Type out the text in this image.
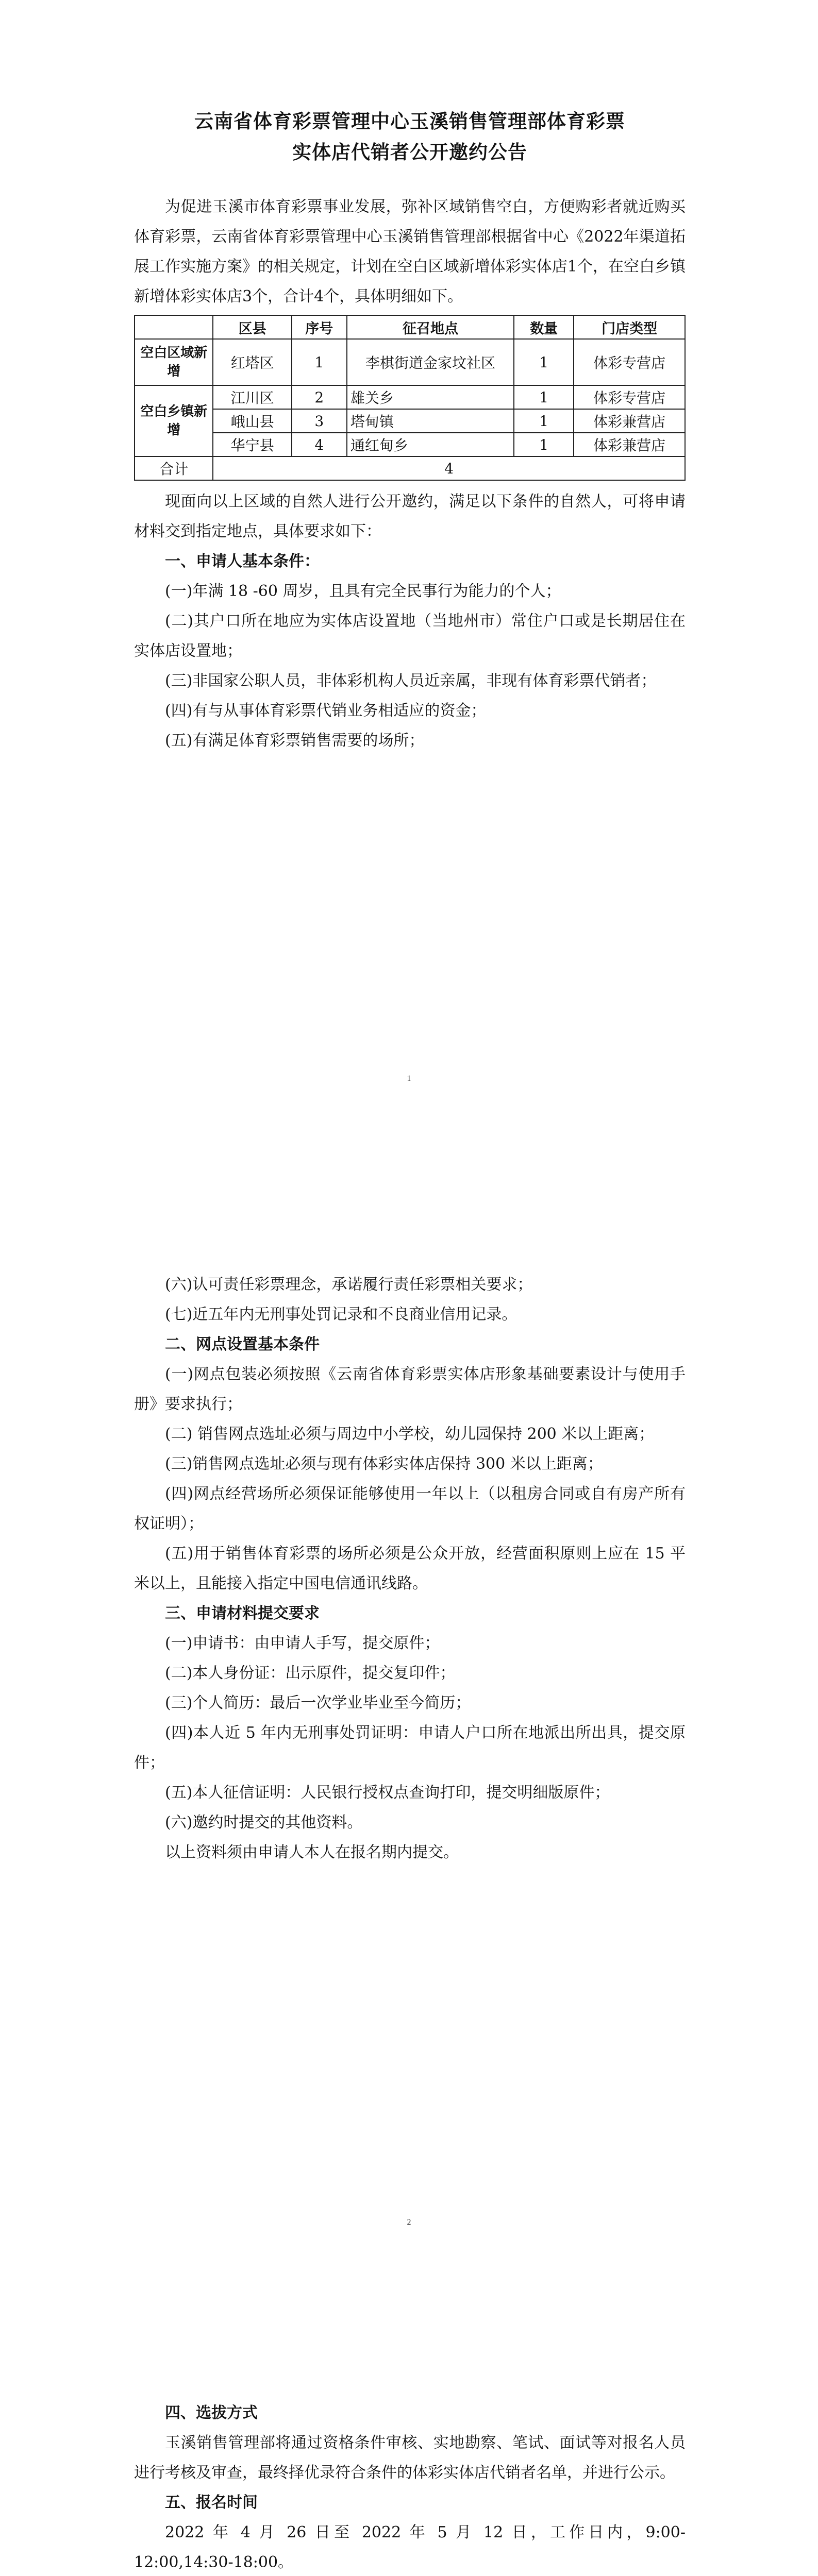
云南省体育彩票管理中心玉溪销售管理部体育彩票
实体店代销者公开邀约公告

为促进玉溪市体育彩票事业发展，弥补区域销售空白，方便购彩者就近购买体育彩票，云南省体育彩票管理中心玉溪销售管理部根据省中心《2022年渠道拓展工作实施方案》的相关规定，计划在空白区域新增体彩实体店1个，在空白乡镇新增体彩实体店3个，合计4个，具体明细如下。

	区县	序号	征召地点	数量	门店类型
空白区域新增	红塔区	1	李棋街道金家坟社区	1	体彩专营店
空白乡镇新增	江川区	2	雄关乡	1	体彩专营店
	峨山县	3	塔甸镇	1	体彩兼营店
	华宁县	4	通红甸乡	1	体彩兼营店
合计	4				

现面向以上区域的自然人进行公开邀约，满足以下条件的自然人，可将申请材料交到指定地点，具体要求如下：

一、申请人基本条件：

(一)年满 18 -60 周岁，且具有完全民事行为能力的个人；

(二)其户口所在地应为实体店设置地（当地州市）常住户口或是长期居住在实体店设置地；

(三)非国家公职人员，非体彩机构人员近亲属，非现有体育彩票代销者；

(四)有与从事体育彩票代销业务相适应的资金；

(五)有满足体育彩票销售需要的场所；

1

(六)认可责任彩票理念，承诺履行责任彩票相关要求；

(七)近五年内无刑事处罚记录和不良商业信用记录。

二、网点设置基本条件

(一)网点包装必须按照《云南省体育彩票实体店形象基础要素设计与使用手册》要求执行；

(二) 销售网点选址必须与周边中小学校，幼儿园保持 200 米以上距离；

(三)销售网点选址必须与现有体彩实体店保持 300 米以上距离；

(四)网点经营场所必须保证能够使用一年以上（以租房合同或自有房产所有权证明）；

(五)用于销售体育彩票的场所必须是公众开放，经营面积原则上应在 15 平米以上，且能接入指定中国电信通讯线路。

三、申请材料提交要求

(一)申请书：由申请人手写，提交原件；

(二)本人身份证：出示原件，提交复印件；

(三)个人简历：最后一次学业毕业至今简历；

(四)本人近 5 年内无刑事处罚证明：申请人户口所在地派出所出具，提交原件；

(五)本人征信证明：人民银行授权点查询打印，提交明细版原件；

(六)邀约时提交的其他资料。

以上资料须由申请人本人在报名期内提交。

2

四、选拔方式

玉溪销售管理部将通过资格条件审核、实地勘察、笔试、面试等对报名人员进行考核及审查，最终择优录符合条件的体彩实体店代销者名单，并进行公示。

五、报名时间

2022 年 4 月 26 日至 2022 年 5 月 12 日，工作日内，9:00-12:00,14:30-18:00。
